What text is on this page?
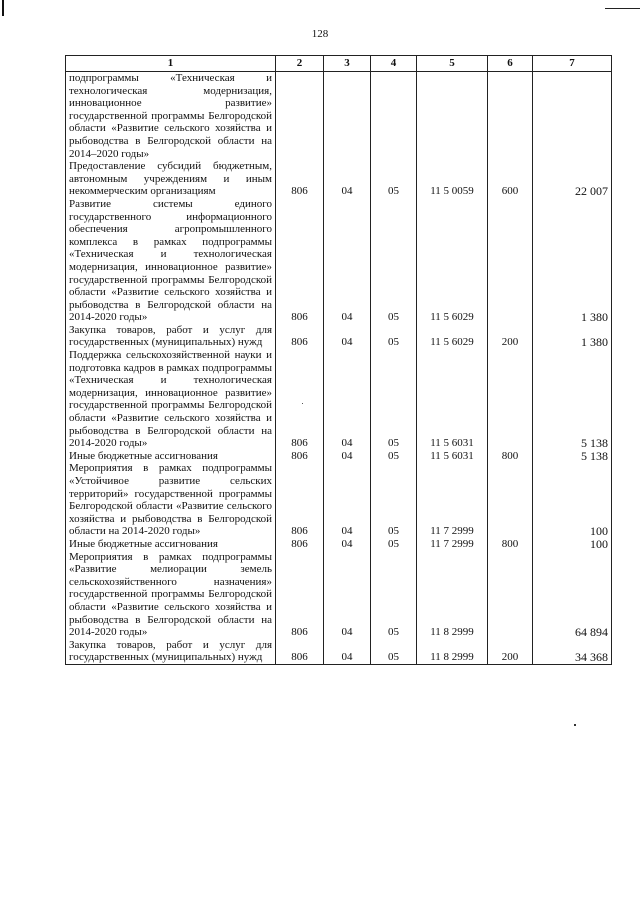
128
1	2	3	4	5	6	7
подпрограммы «Техническая и технологическая модернизация, инновационное развитие» государственной программы Белгородской области «Развитие сельского хозяйства и рыбоводства в Белгородской области на 2014–2020 годы»						
Предоставление субсидий бюджетным, автономным учреждениям и иным некоммерческим организациям	806	04	05	11 5 0059	600	22 007
Развитие системы единого государственного информационного обеспечения агропромышленного комплекса в рамках подпрограммы «Техническая и технологическая модернизация, инновационное развитие» государственной программы Белгородской области «Развитие сельского хозяйства и рыбоводства в Белгородской области на 2014-2020 годы»	806	04	05	11 5 6029		1 380
Закупка товаров, работ и услуг для государственных (муниципальных) нужд	806	04	05	11 5 6029	200	1 380
Поддержка сельскохозяйственной науки и подготовка кадров в рамках подпрограммы «Техническая и технологическая модернизация, инновационное развитие» государственной программы Белгородской области «Развитие сельского хозяйства и рыбоводства в Белгородской области на 2014-2020 годы»	806	04	05	11 5 6031		5 138
Иные бюджетные ассигнования	806	04	05	11 5 6031	800	5 138
Мероприятия в рамках подпрограммы «Устойчивое развитие сельских территорий» государственной программы Белгородской области «Развитие сельского хозяйства и рыбоводства в Белгородской области на 2014-2020 годы»	806	04	05	11 7 2999		100
Иные бюджетные ассигнования	806	04	05	11 7 2999	800	100
Мероприятия в рамках подпрограммы «Развитие мелиорации земель сельскохозяйственного назначения» государственной программы Белгородской области «Развитие сельского хозяйства и рыбоводства в Белгородской области на 2014-2020 годы»	806	04	05	11 8 2999		64 894
Закупка товаров, работ и услуг для государственных (муниципальных) нужд	806	04	05	11 8 2999	200	34 368
